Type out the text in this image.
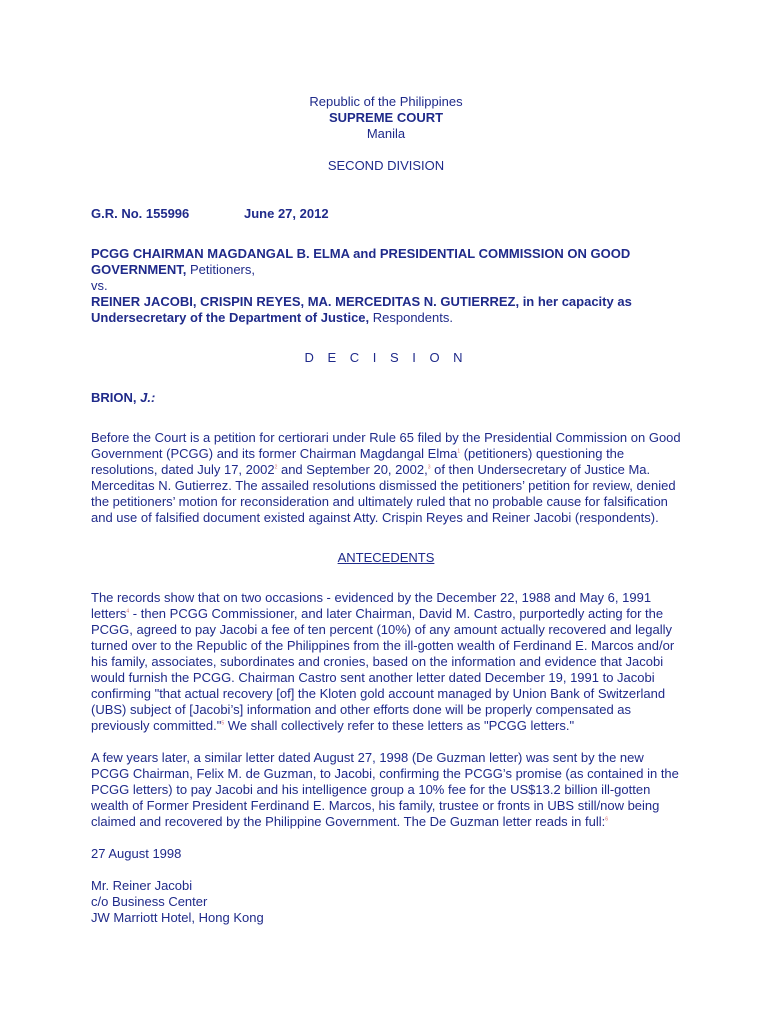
Republic of the Philippines
SUPREME COURT
Manila
SECOND DIVISION
G.R. No. 155996	June 27, 2012

PCGG CHAIRMAN MAGDANGAL B. ELMA and PRESIDENTIAL COMMISSION ON GOOD GOVERNMENT, Petitioners,

vs.

REINER JACOBI, CRISPIN REYES, MA. MERCEDITAS N. GUTIERREZ, in her capacity as Undersecretary of the Department of Justice, Respondents.

D E C I S I O N

BRION, J.:

Before the Court is a petition for certiorari under Rule 65 filed by the Presidential Commission on Good Government (PCGG) and its former Chairman Magdangal Elma$^1$ (petitioners) questioning the resolutions, dated July 17, 2002$^2$ and September 20, 2002,$^3$ of then Undersecretary of Justice Ma. Merceditas N. Gutierrez. The assailed resolutions dismissed the petitioners’ petition for review, denied the petitioners’ motion for reconsideration and ultimately ruled that no probable cause for falsification and use of falsified document existed against Atty. Crispin Reyes and Reiner Jacobi (respondents).

ANTECEDENTS

The records show that on two occasions - evidenced by the December 22, 1988 and May 6, 1991 letters$^4$ - then PCGG Commissioner, and later Chairman, David M. Castro, purportedly acting for the PCGG, agreed to pay Jacobi a fee of ten percent (10%) of any amount actually recovered and legally turned over to the Republic of the Philippines from the ill-gotten wealth of Ferdinand E. Marcos and/or his family, associates, subordinates and cronies, based on the information and evidence that Jacobi would furnish the PCGG. Chairman Castro sent another letter dated December 19, 1991 to Jacobi confirming "that actual recovery [of] the Kloten gold account managed by Union Bank of Switzerland (UBS) subject of [Jacobi’s] information and other efforts done will be properly compensated as previously committed."$^5$ We shall collectively refer to these letters as "PCGG letters."

A few years later, a similar letter dated August 27, 1998 (De Guzman letter) was sent by the new PCGG Chairman, Felix M. de Guzman, to Jacobi, confirming the PCGG’s promise (as contained in the PCGG letters) to pay Jacobi and his intelligence group a 10% fee for the US$13.2 billion ill-gotten wealth of Former President Ferdinand E. Marcos, his family, trustee or fronts in UBS still/now being claimed and recovered by the Philippine Government. The De Guzman letter reads in full:$^6$

27 August 1998

Mr. Reiner Jacobi
c/o Business Center
JW Marriott Hotel, Hong Kong
